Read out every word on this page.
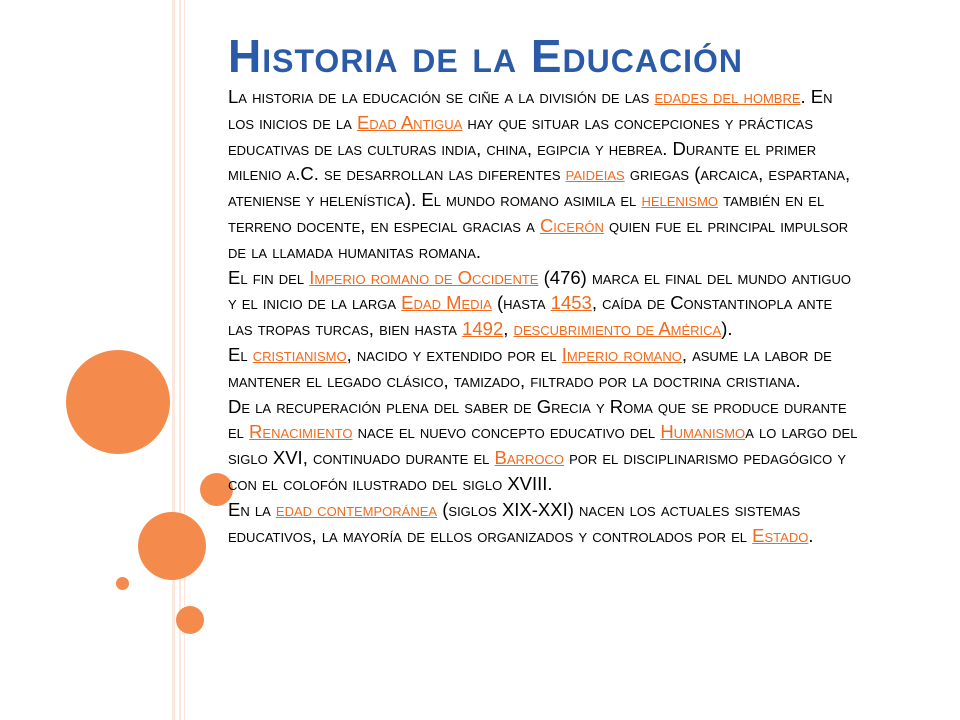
Historia de la Educación

La historia de la educación se ciñe a la división de las edades del hombre. En los inicios de la Edad Antigua hay que situar las concepciones y prácticas educativas de las culturas india, china, egipcia y hebrea. Durante el primer milenio a.C. se desarrollan las diferentes paideias griegas (arcaica, espartana, ateniense y helenística). El mundo romano asimila el helenismo también en el terreno docente, en especial gracias a Cicerón quien fue el principal impulsor de la llamada humanitas romana.

El fin del Imperio romano de Occidente (476) marca el final del mundo antiguo y el inicio de la larga Edad Media (hasta 1453, caída de Constantinopla ante las tropas turcas, bien hasta 1492, descubrimiento de América).

El cristianismo, nacido y extendido por el Imperio romano, asume la labor de mantener el legado clásico, tamizado, filtrado por la doctrina cristiana.

De la recuperación plena del saber de Grecia y Roma que se produce durante el Renacimiento nace el nuevo concepto educativo del Humanismoa lo largo del siglo XVI, continuado durante el Barroco por el disciplinarismo pedagógico y con el colofón ilustrado del siglo XVIII.

En la edad contemporánea (siglos XIX-XXI) nacen los actuales sistemas educativos, la mayoría de ellos organizados y controlados por el Estado.
